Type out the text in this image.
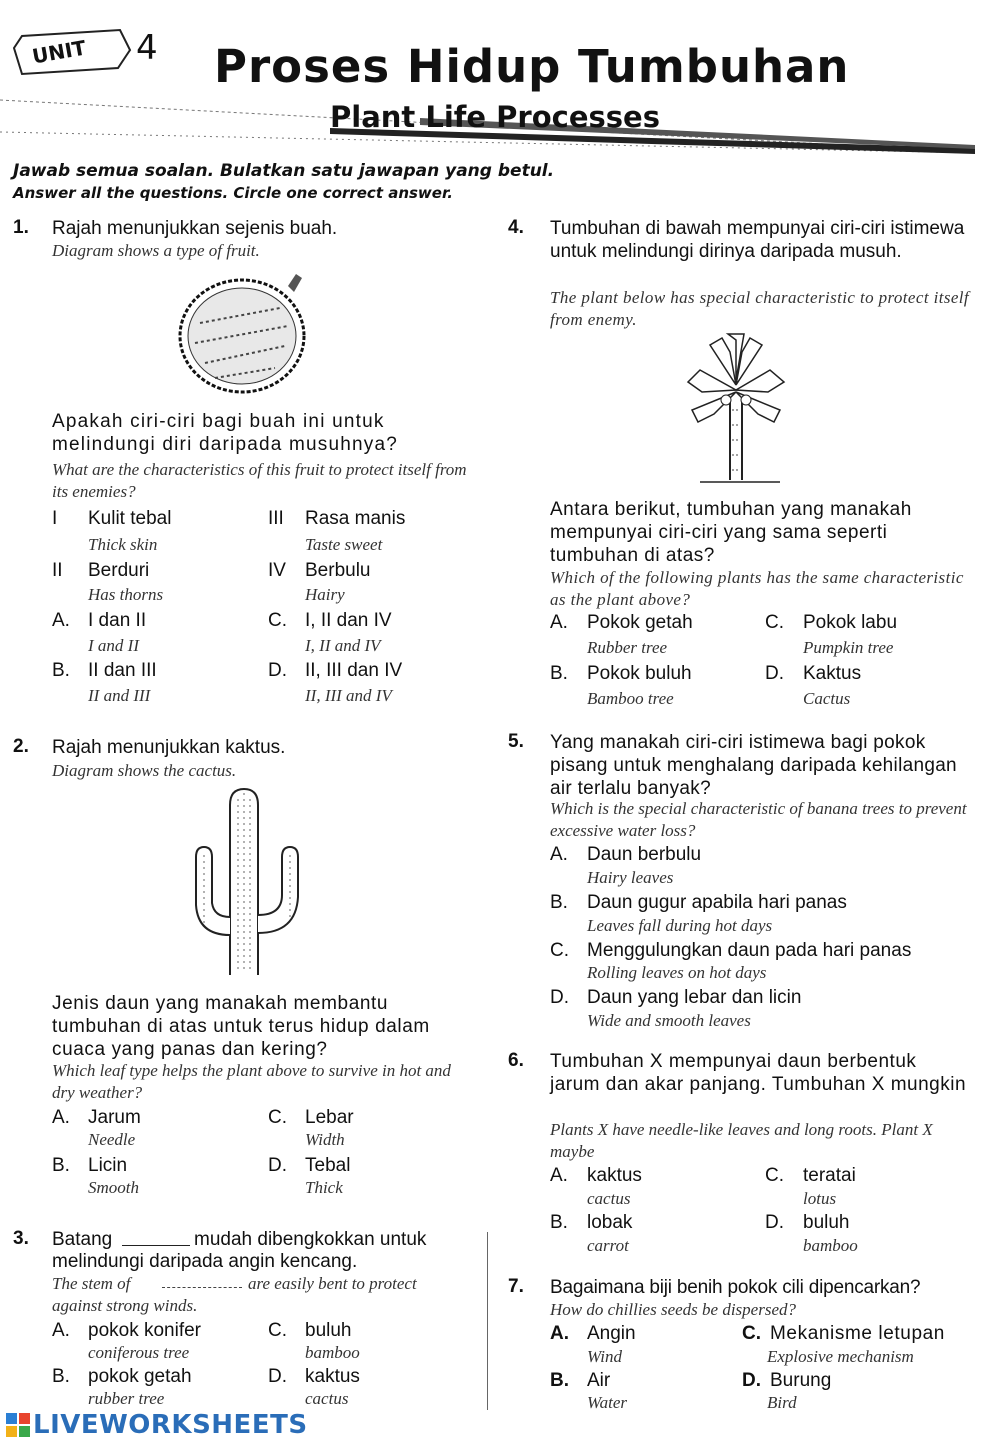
UNIT 4 Proses Hidup Tumbuhan
Plant Life Processes
Jawab semua soalan. Bulatkan satu jawapan yang betul.
Answer all the questions. Circle one correct answer.
1. Rajah menunjukkan sejenis buah.
Diagram shows a type of fruit.
Apakah ciri-ciri bagi buah ini untuk melindungi diri daripada musuhnya?
What are the characteristics of this fruit to protect itself from its enemies?
I Kulit tebal
Thick skin
III Rasa manis
Taste sweet
II Berduri
Has thorns
IV Berbulu
Hairy
A. I dan II
I and II
C. I, II dan IV
I, II and IV
B. II dan III
II and III
D. II, III dan IV
II, III and IV
2. Rajah menunjukkan kaktus.
Diagram shows the cactus.
Jenis daun yang manakah membantu tumbuhan di atas untuk terus hidup dalam cuaca yang panas dan kering?
Which leaf type helps the plant above to survive in hot and dry weather?
A. Jarum
Needle
C. Lebar
Width
B. Licin
Smooth
D. Tebal
Thick
3. Batang	mudah dibengkokkan untuk
melindungi daripada angin kencang.
The stem of	are easily bent to protect
against strong winds.
A. pokok konifer
coniferous tree
C. buluh
bamboo
B. pokok getah
rubber tree
D. kaktus
cactus
4. Tumbuhan di bawah mempunyai ciri-ciri istimewa untuk melindungi dirinya daripada musuh.
The plant below has special characteristic to protect itself from enemy.
Antara berikut, tumbuhan yang manakah mempunyai ciri-ciri yang sama seperti tumbuhan di atas?
Which of the following plants has the same characteristic as the plant above?
A. Pokok getah
Rubber tree
C. Pokok labu
Pumpkin tree
B. Pokok buluh
Bamboo tree
D. Kaktus
Cactus
5. Yang manakah ciri-ciri istimewa bagi pokok pisang untuk menghalang daripada kehilangan air terlalu banyak?
Which is the special characteristic of banana trees to prevent excessive water loss?
A. Daun berbulu
Hairy leaves
B. Daun gugur apabila hari panas
Leaves fall during hot days
C. Menggulungkan daun pada hari panas
Rolling leaves on hot days
D. Daun yang lebar dan licin
Wide and smooth leaves
6. Tumbuhan X mempunyai daun berbentuk jarum dan akar panjang. Tumbuhan X mungkin
Plants X have needle-like leaves and long roots. Plant X maybe
A. kaktus
cactus
C. teratai
lotus
B. lobak
carrot
D. buluh
bamboo
7. Bagaimana biji benih pokok cili dipencarkan?
How do chillies seeds be dispersed?
A. Angin
Wind
C. Mekanisme letupan
Explosive mechanism
B. Air
Water
D. Burung
Bird
LIVEWORKSHEETS
